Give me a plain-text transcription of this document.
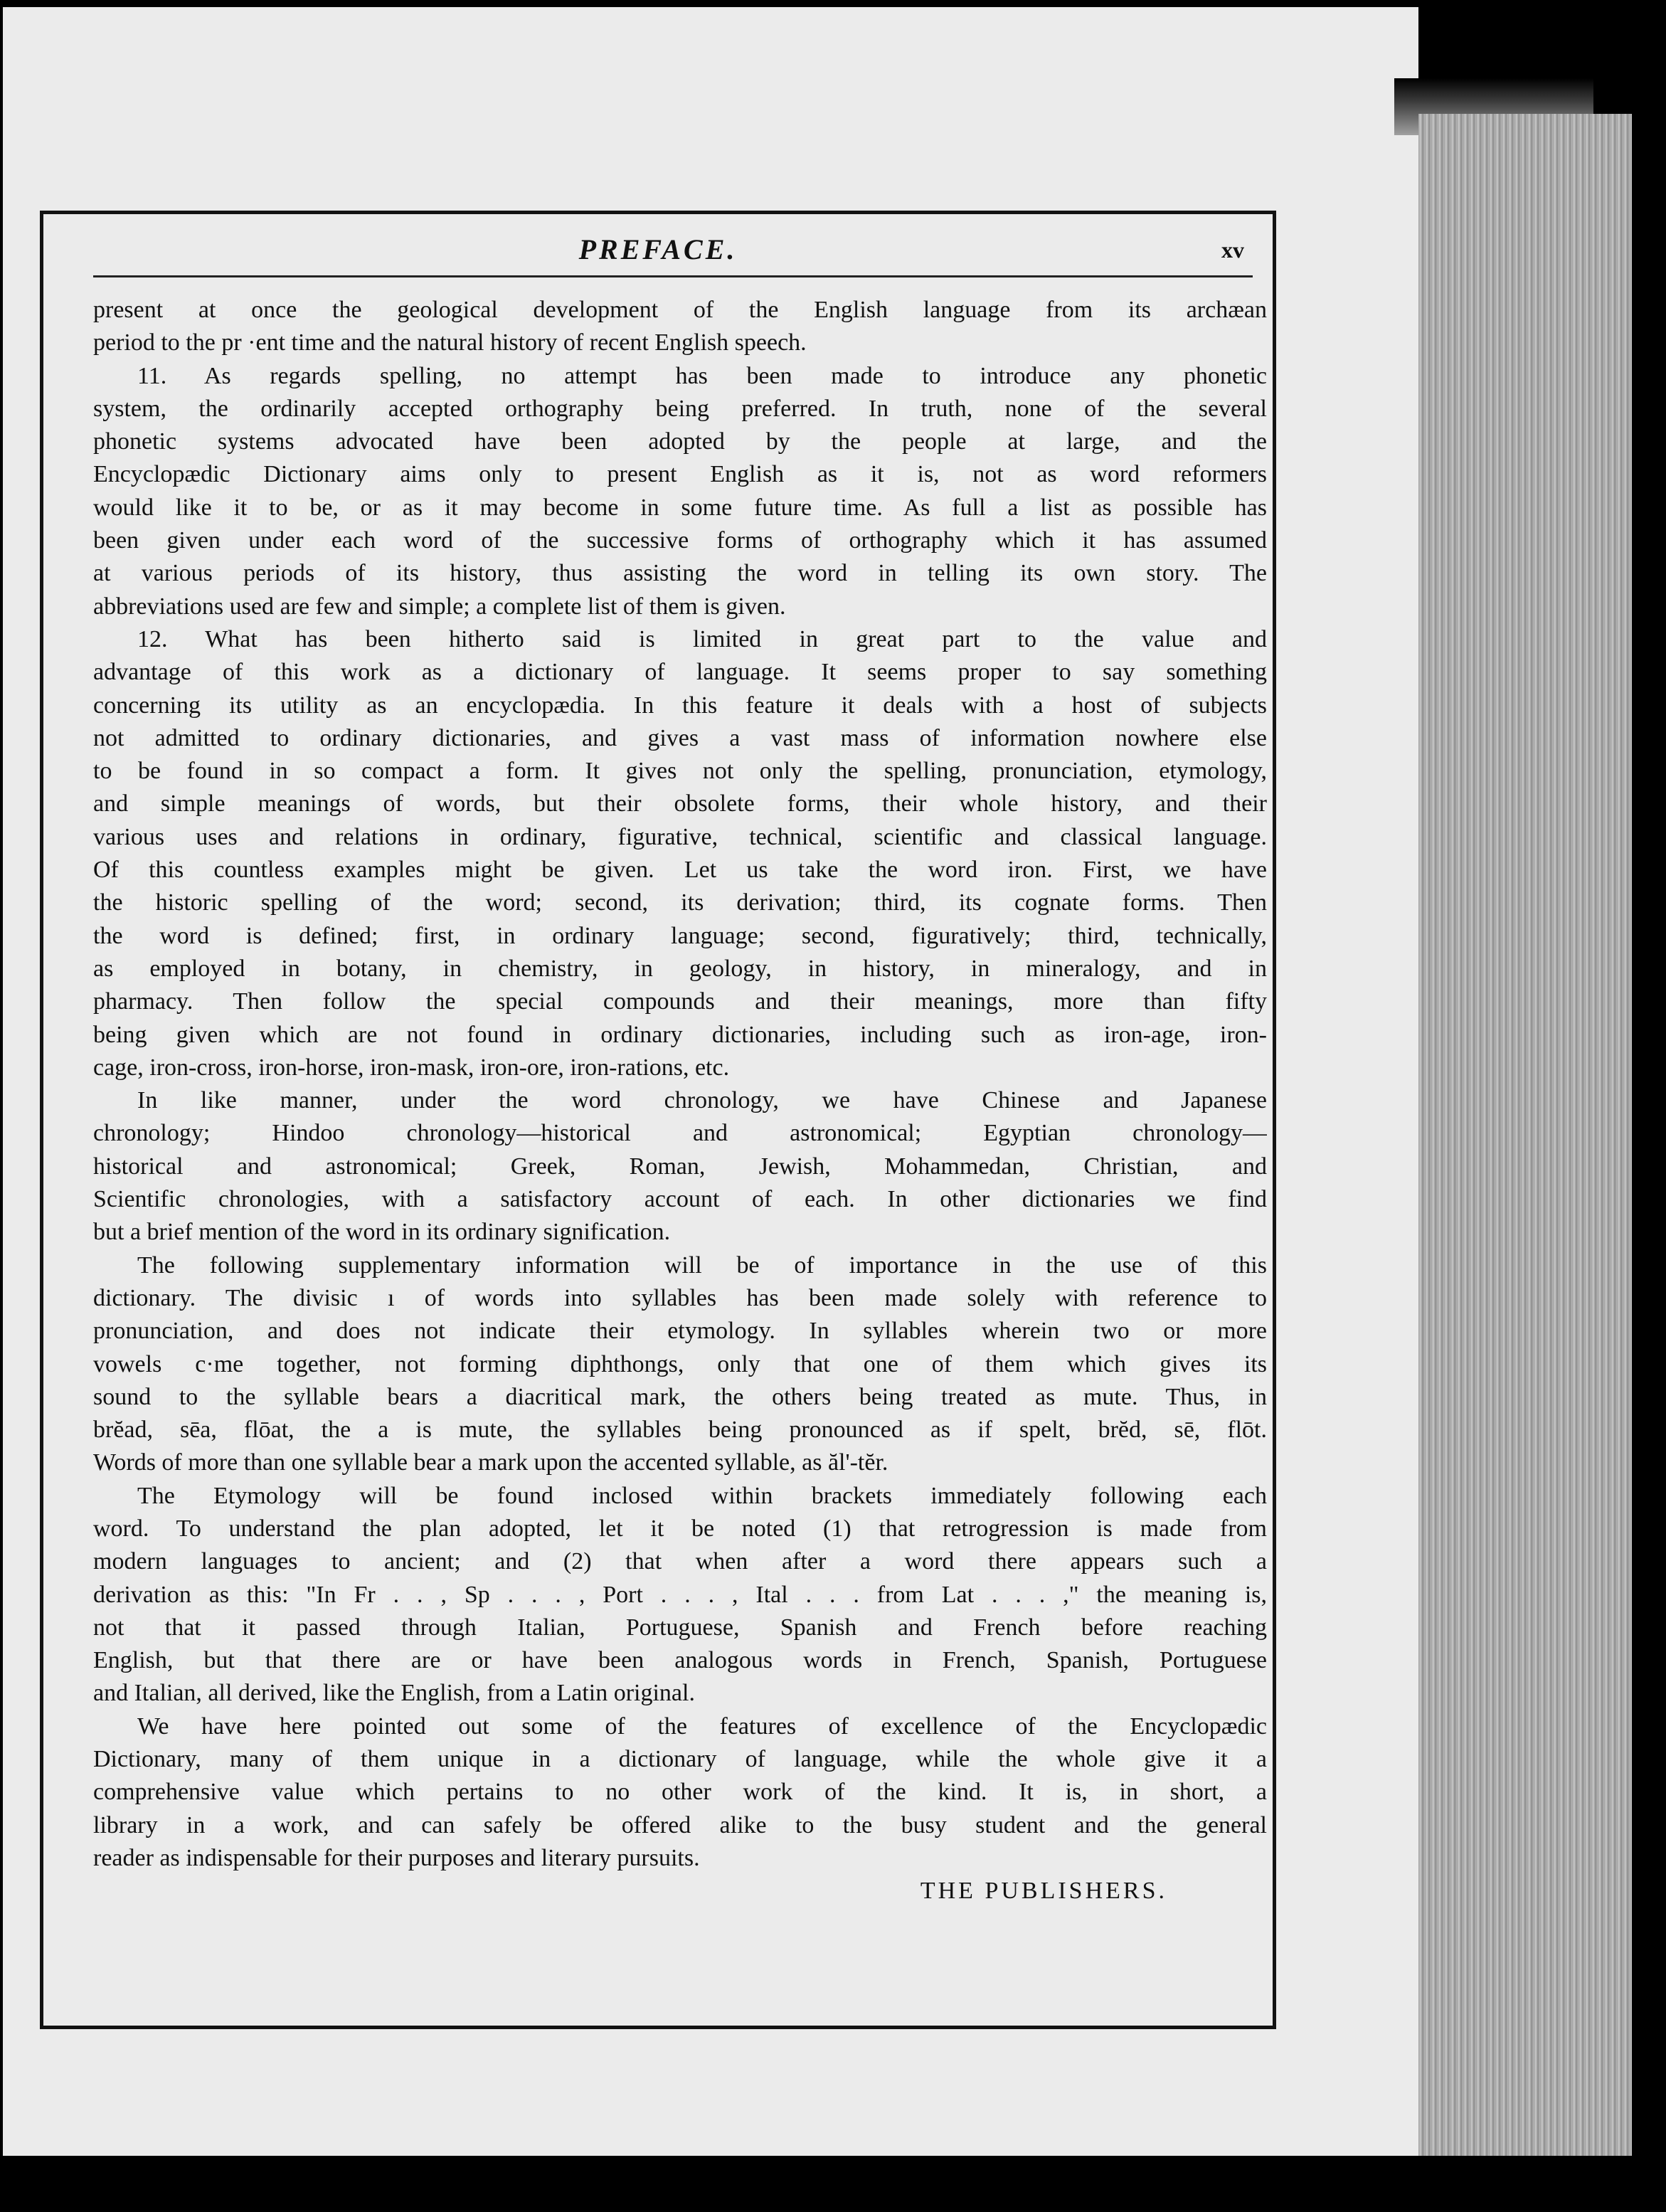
PREFACE.	xv
present at once the geological development of the English language from its archæan
period to the pr ·ent time and the natural history of recent English speech.
11. As regards spelling, no attempt has been made to introduce any phonetic
system, the ordinarily accepted orthography being preferred. In truth, none of the several
phonetic systems advocated have been adopted by the people at large, and the
Encyclopædic Dictionary aims only to present English as it is, not as word reformers
would like it to be, or as it may become in some future time. As full a list as possible has
been given under each word of the successive forms of orthography which it has assumed
at various periods of its history, thus assisting the word in telling its own story. The
abbreviations used are few and simple; a complete list of them is given.
12. What has been hitherto said is limited in great part to the value and
advantage of this work as a dictionary of language. It seems proper to say something
concerning its utility as an encyclopædia. In this feature it deals with a host of subjects
not admitted to ordinary dictionaries, and gives a vast mass of information nowhere else
to be found in so compact a form. It gives not only the spelling, pronunciation, etymology,
and simple meanings of words, but their obsolete forms, their whole history, and their
various uses and relations in ordinary, figurative, technical, scientific and classical language.
Of this countless examples might be given. Let us take the word iron. First, we have
the historic spelling of the word; second, its derivation; third, its cognate forms. Then
the word is defined; first, in ordinary language; second, figuratively; third, technically,
as employed in botany, in chemistry, in geology, in history, in mineralogy, and in
pharmacy. Then follow the special compounds and their meanings, more than fifty
being given which are not found in ordinary dictionaries, including such as iron-age, iron-
cage, iron-cross, iron-horse, iron-mask, iron-ore, iron-rations, etc.
In like manner, under the word chronology, we have Chinese and Japanese
chronology; Hindoo chronology—historical and astronomical; Egyptian chronology—
historical and astronomical; Greek, Roman, Jewish, Mohammedan, Christian, and
Scientific chronologies, with a satisfactory account of each. In other dictionaries we find
but a brief mention of the word in its ordinary signification.
The following supplementary information will be of importance in the use of this
dictionary. The divisic ı of words into syllables has been made solely with reference to
pronunciation, and does not indicate their etymology. In syllables wherein two or more
vowels c·me together, not forming diphthongs, only that one of them which gives its
sound to the syllable bears a diacritical mark, the others being treated as mute. Thus, in
brĕad, sēa, flōat, the a is mute, the syllables being pronounced as if spelt, brĕd, sē, flōt.
Words of more than one syllable bear a mark upon the accented syllable, as ăl'-tĕr.
The Etymology will be found inclosed within brackets immediately following each
word. To understand the plan adopted, let it be noted (1) that retrogression is made from
modern languages to ancient; and (2) that when after a word there appears such a
derivation as this: "In Fr . . , Sp . . . , Port . . . , Ital . . . from Lat . . . ," the meaning is,
not that it passed through Italian, Portuguese, Spanish and French before reaching
English, but that there are or have been analogous words in French, Spanish, Portuguese
and Italian, all derived, like the English, from a Latin original.
We have here pointed out some of the features of excellence of the Encyclopædic
Dictionary, many of them unique in a dictionary of language, while the whole give it a
comprehensive value which pertains to no other work of the kind. It is, in short, a
library in a work, and can safely be offered alike to the busy student and the general
reader as indispensable for their purposes and literary pursuits.
THE PUBLISHERS.
